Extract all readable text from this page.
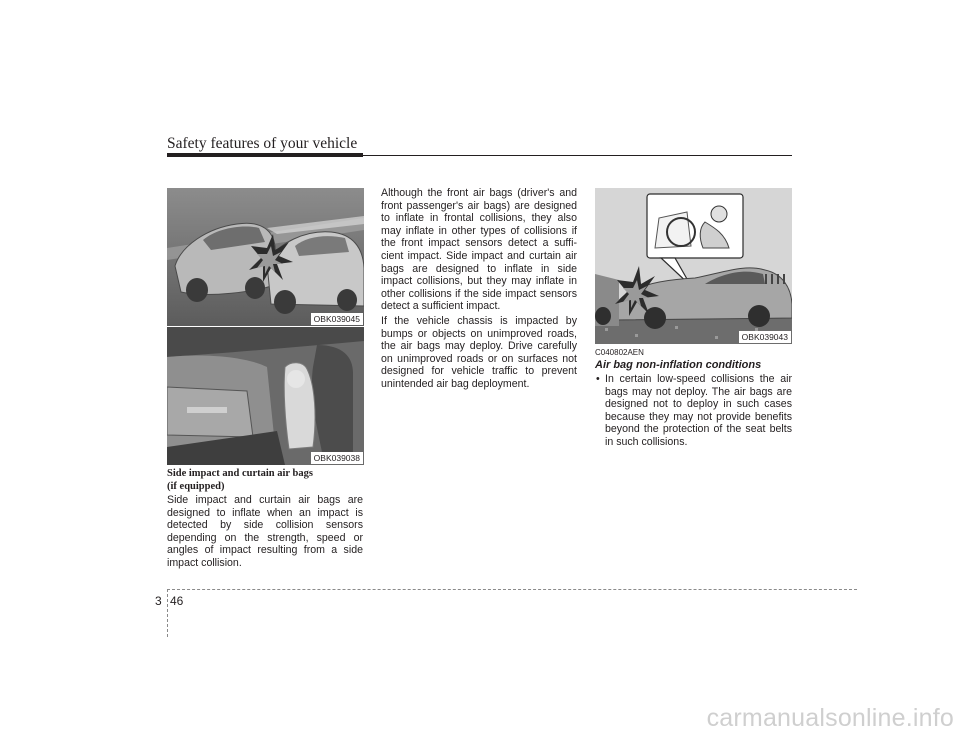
Safety features of your vehicle
OBK039045
OBK039038
Side impact and curtain air bags
(if equipped)

Side impact and curtain air bags are designed to inflate when an impact is detected by side collision sensors depending on the strength, speed or angles of impact resulting from a side impact collision.

Although the front air bags (driver's and front passenger's air bags) are designed to inflate in frontal collisions, they also may inflate in other types of collisions if the front impact sensors detect a suffi-cient impact. Side impact and curtain air bags are designed to inflate in side impact collisions, but they may inflate in other collisions if the side impact sensors detect a sufficient impact.

If the vehicle chassis is impacted by bumps or objects on unimproved roads, the air bags may deploy. Drive carefully on unimproved roads or on surfaces not designed for vehicle traffic to prevent unintended air bag deployment.

OBK039043
C040802AEN
Air bag non-inflation conditions
• In certain low-speed collisions the air bags may not deploy. The air bags are designed not to deploy in such cases because they may not provide benefits beyond the protection of the seat belts in such collisions.
3 46
carmanualsonline.info
